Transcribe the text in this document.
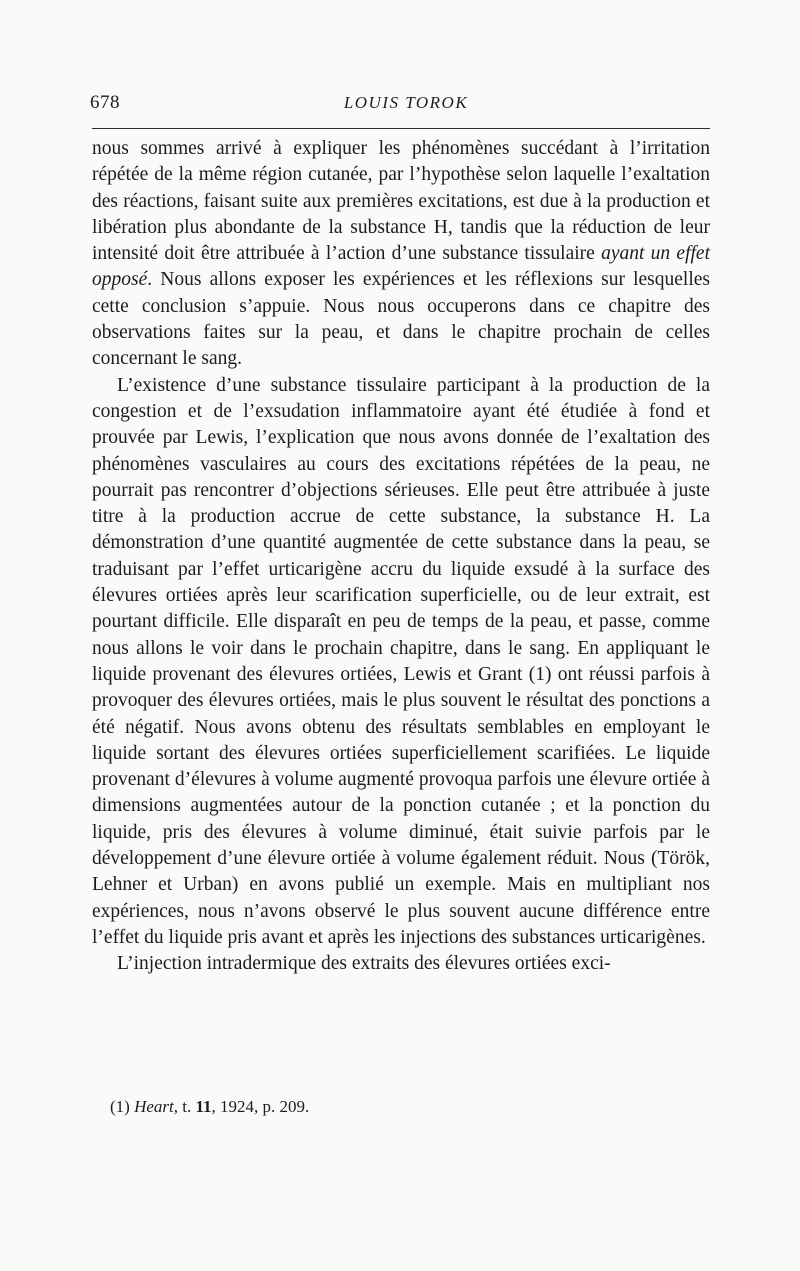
678	LOUIS TOROK

nous sommes arrivé à expliquer les phénomènes succédant à l’irritation répétée de la même région cutanée, par l’hypothèse selon laquelle l’exaltation des réactions, faisant suite aux premières excitations, est due à la production et libération plus abondante de la substance H, tandis que la réduction de leur intensité doit être attribuée à l’action d’une substance tissulaire ayant un effet opposé. Nous allons exposer les expériences et les réflexions sur lesquelles cette conclusion s’appuie. Nous nous occuperons dans ce chapitre des observations faites sur la peau, et dans le chapitre prochain de celles concernant le sang.

L’existence d’une substance tissulaire participant à la production de la congestion et de l’exsudation inflammatoire ayant été étudiée à fond et prouvée par Lewis, l’explication que nous avons donnée de l’exaltation des phénomènes vasculaires au cours des excitations répétées de la peau, ne pourrait pas rencontrer d’objections sérieuses. Elle peut être attribuée à juste titre à la production accrue de cette substance, la substance H. La démonstration d’une quantité augmentée de cette substance dans la peau, se traduisant par l’effet urticarigène accru du liquide exsudé à la surface des élevures ortiées après leur scarification superficielle, ou de leur extrait, est pourtant difficile. Elle disparaît en peu de temps de la peau, et passe, comme nous allons le voir dans le prochain chapitre, dans le sang. En appliquant le liquide provenant des élevures ortiées, Lewis et Grant (1) ont réussi parfois à provoquer des élevures ortiées, mais le plus souvent le résultat des ponctions a été négatif. Nous avons obtenu des résultats semblables en employant le liquide sortant des élevures ortiées superficiellement scarifiées. Le liquide provenant d’élevures à volume augmenté provoqua parfois une élevure ortiée à dimensions augmentées autour de la ponction cutanée ; et la ponction du liquide, pris des élevures à volume diminué, était suivie parfois par le développement d’une élevure ortiée à volume également réduit. Nous (Török, Lehner et Urban) en avons publié un exemple. Mais en multipliant nos expériences, nous n’avons observé le plus souvent aucune différence entre l’effet du liquide pris avant et après les injections des substances urticarigènes.

L’injection intradermique des extraits des élevures ortiées exci-

(1) Heart, t. 11, 1924, p. 209.
